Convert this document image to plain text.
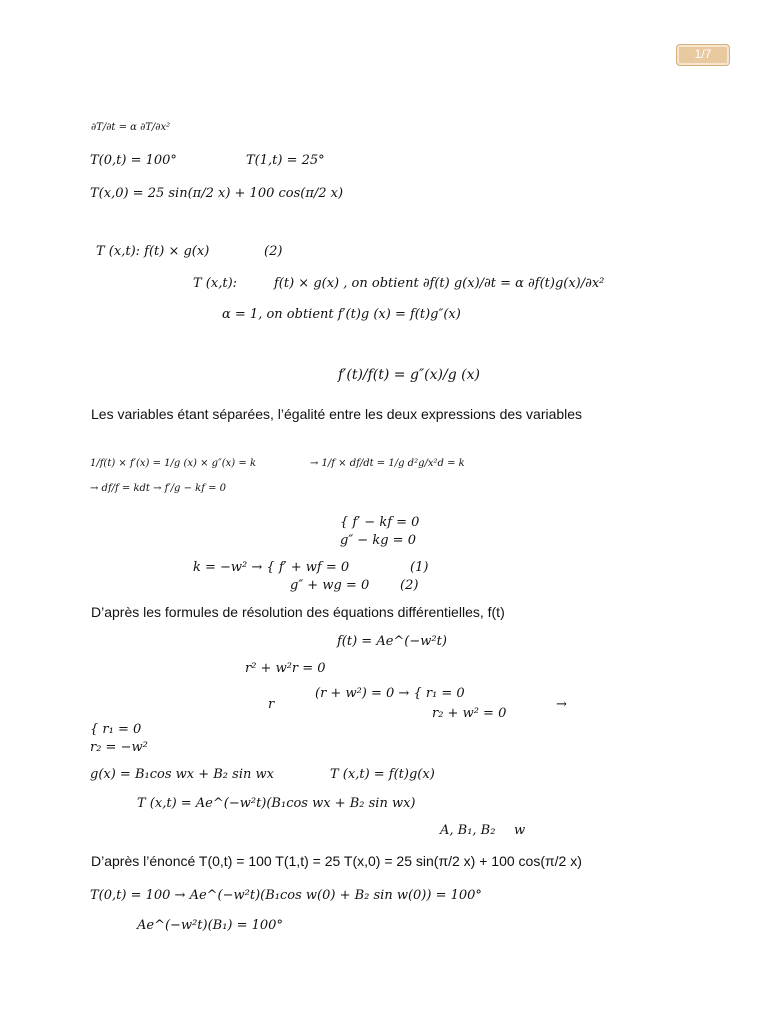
1/7
∂T/∂t = α ∂T/∂x²
T(0,t) = 100°	T(1,t) = 25°
T(x,0) = 25 sin(π/2 x) + 100 cos(π/2 x)
T (x,t): f(t) × g(x)	(2)
T (x,t):	f(t) × g(x) , on obtient ∂f(t) g(x)/∂t = α ∂f(t)g(x)/∂x²
α = 1, on obtient f′(t)g (x) = f(t)g″(x)
f′(t)/f(t) = g″(x)/g (x)
Les variables étant séparées, l’égalité entre les deux expressions des variables
1/f(t) × f′(x) = 1/g (x) × g″(x) = k	→ 1/f × df/dt = 1/g d²g/x²d = k
→ df/f = kdt → f′/g − kf = 0
{ f′ − kf = 0
g″ − kg = 0
k = −w² → { f′ + wf = 0	(1)
g″ + wg = 0 (2)
D’après les formules de résolution des équations différentielles, f(t)
f(t) = Ae^(−w²t)
r² + w²r = 0
r
(r + w²) = 0 → { r₁ = 0
r₂ + w² = 0
→
{ r₁ = 0
r₂ = −w²
g(x) = B₁cos wx + B₂ sin wx	T (x,t) = f(t)g(x)
T (x,t) = Ae^(−w²t)(B₁cos wx + B₂ sin wx)
A, B₁, B₂ w
D’après l’énoncé T(0,t) = 100 T(1,t) = 25 T(x,0) = 25 sin(π/2 x) + 100 cos(π/2 x)
T(0,t) = 100 → Ae^(−w²t)(B₁cos w(0) + B₂ sin w(0)) = 100°
Ae^(−w²t)(B₁) = 100°
